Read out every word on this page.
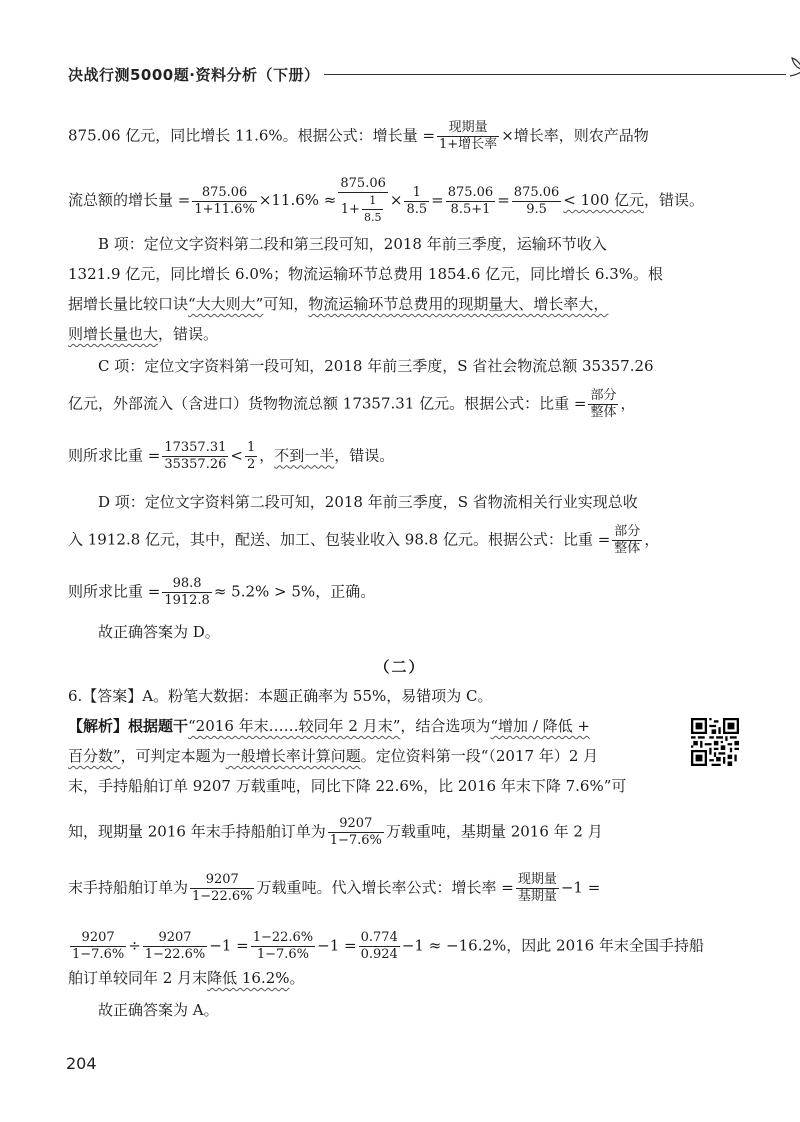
决战行测5000题·资料分析（下册）
875.06 亿元，同比增长 11.6%。根据公式：增长量 = $\frac{\text{现期量}}{\text{1+增长率}}$ ×增长率，则农产品物
流总额的增长量 = $\frac{875.06}{1+11.6\%} \times 11.6\% \approx \frac{875.06}{1+ \frac{1}{8.5}} \times \frac{1}{8.5} = \frac{875.06}{8.5+1} = \frac{875.06}{9.5} < 100$ 亿元，错误。
B 项：定位文字资料第二段和第三段可知，2018 年前三季度，运输环节收入
1321.9 亿元，同比增长 6.0%；物流运输环节总费用 1854.6 亿元，同比增长 6.3%。根
据增长量比较口诀“大大则大”可知，物流运输环节总费用的现期量大、增长率大，
则增长量也大，错误。
C 项：定位文字资料第一段可知，2018 年前三季度，S 省社会物流总额 35357.26
亿元，外部流入（含进口）货物物流总额 17357.31 亿元。根据公式：比重 = $\frac{\text{部分}}{\text{整体}}$ ，
则所求比重 = $\frac{17357.31}{35357.26} < \frac{1}{2}$ ，不到一半，错误。
D 项：定位文字资料第二段可知，2018 年前三季度，S 省物流相关行业实现总收
入 1912.8 亿元，其中，配送、加工、包装业收入 98.8 亿元。根据公式：比重 = $\frac{\text{部分}}{\text{整体}}$ ，
则所求比重 = $\frac{98.8}{1912.8} \approx 5.2\% > 5\%$，正确。
故正确答案为 D。
（二）
6.【答案】A。粉笔大数据：本题正确率为 55%，易错项为 C。
【解析】根据题干“2016 年末……较同年 2 月末”，结合选项为“增加 / 降低 +
百分数”，可判定本题为一般增长率计算问题。定位资料第一段“（2017 年）2 月
末，手持船舶订单 9207 万载重吨，同比下降 22.6%，比 2016 年末下降 7.6%”可
知，现期量 2016 年末手持船舶订单为 $\frac{9207}{1-7.6\%}$ 万载重吨，基期量 2016 年 2 月
末手持船舶订单为 $\frac{9207}{1-22.6\%}$ 万载重吨。代入增长率公式：增长率 = $\frac{\text{现期量}}{\text{基期量}} -1$ =
$\frac{9207}{1-7.6\%} \div \frac{9207}{1-22.6\%} -1 = \frac{1-22.6\%}{1-7.6\%} -1 = \frac{0.774}{0.924} -1 \approx -16.2\%$，因此 2016 年末全国手持船
舶订单较同年 2 月末降低 16.2%。
故正确答案为 A。
204
